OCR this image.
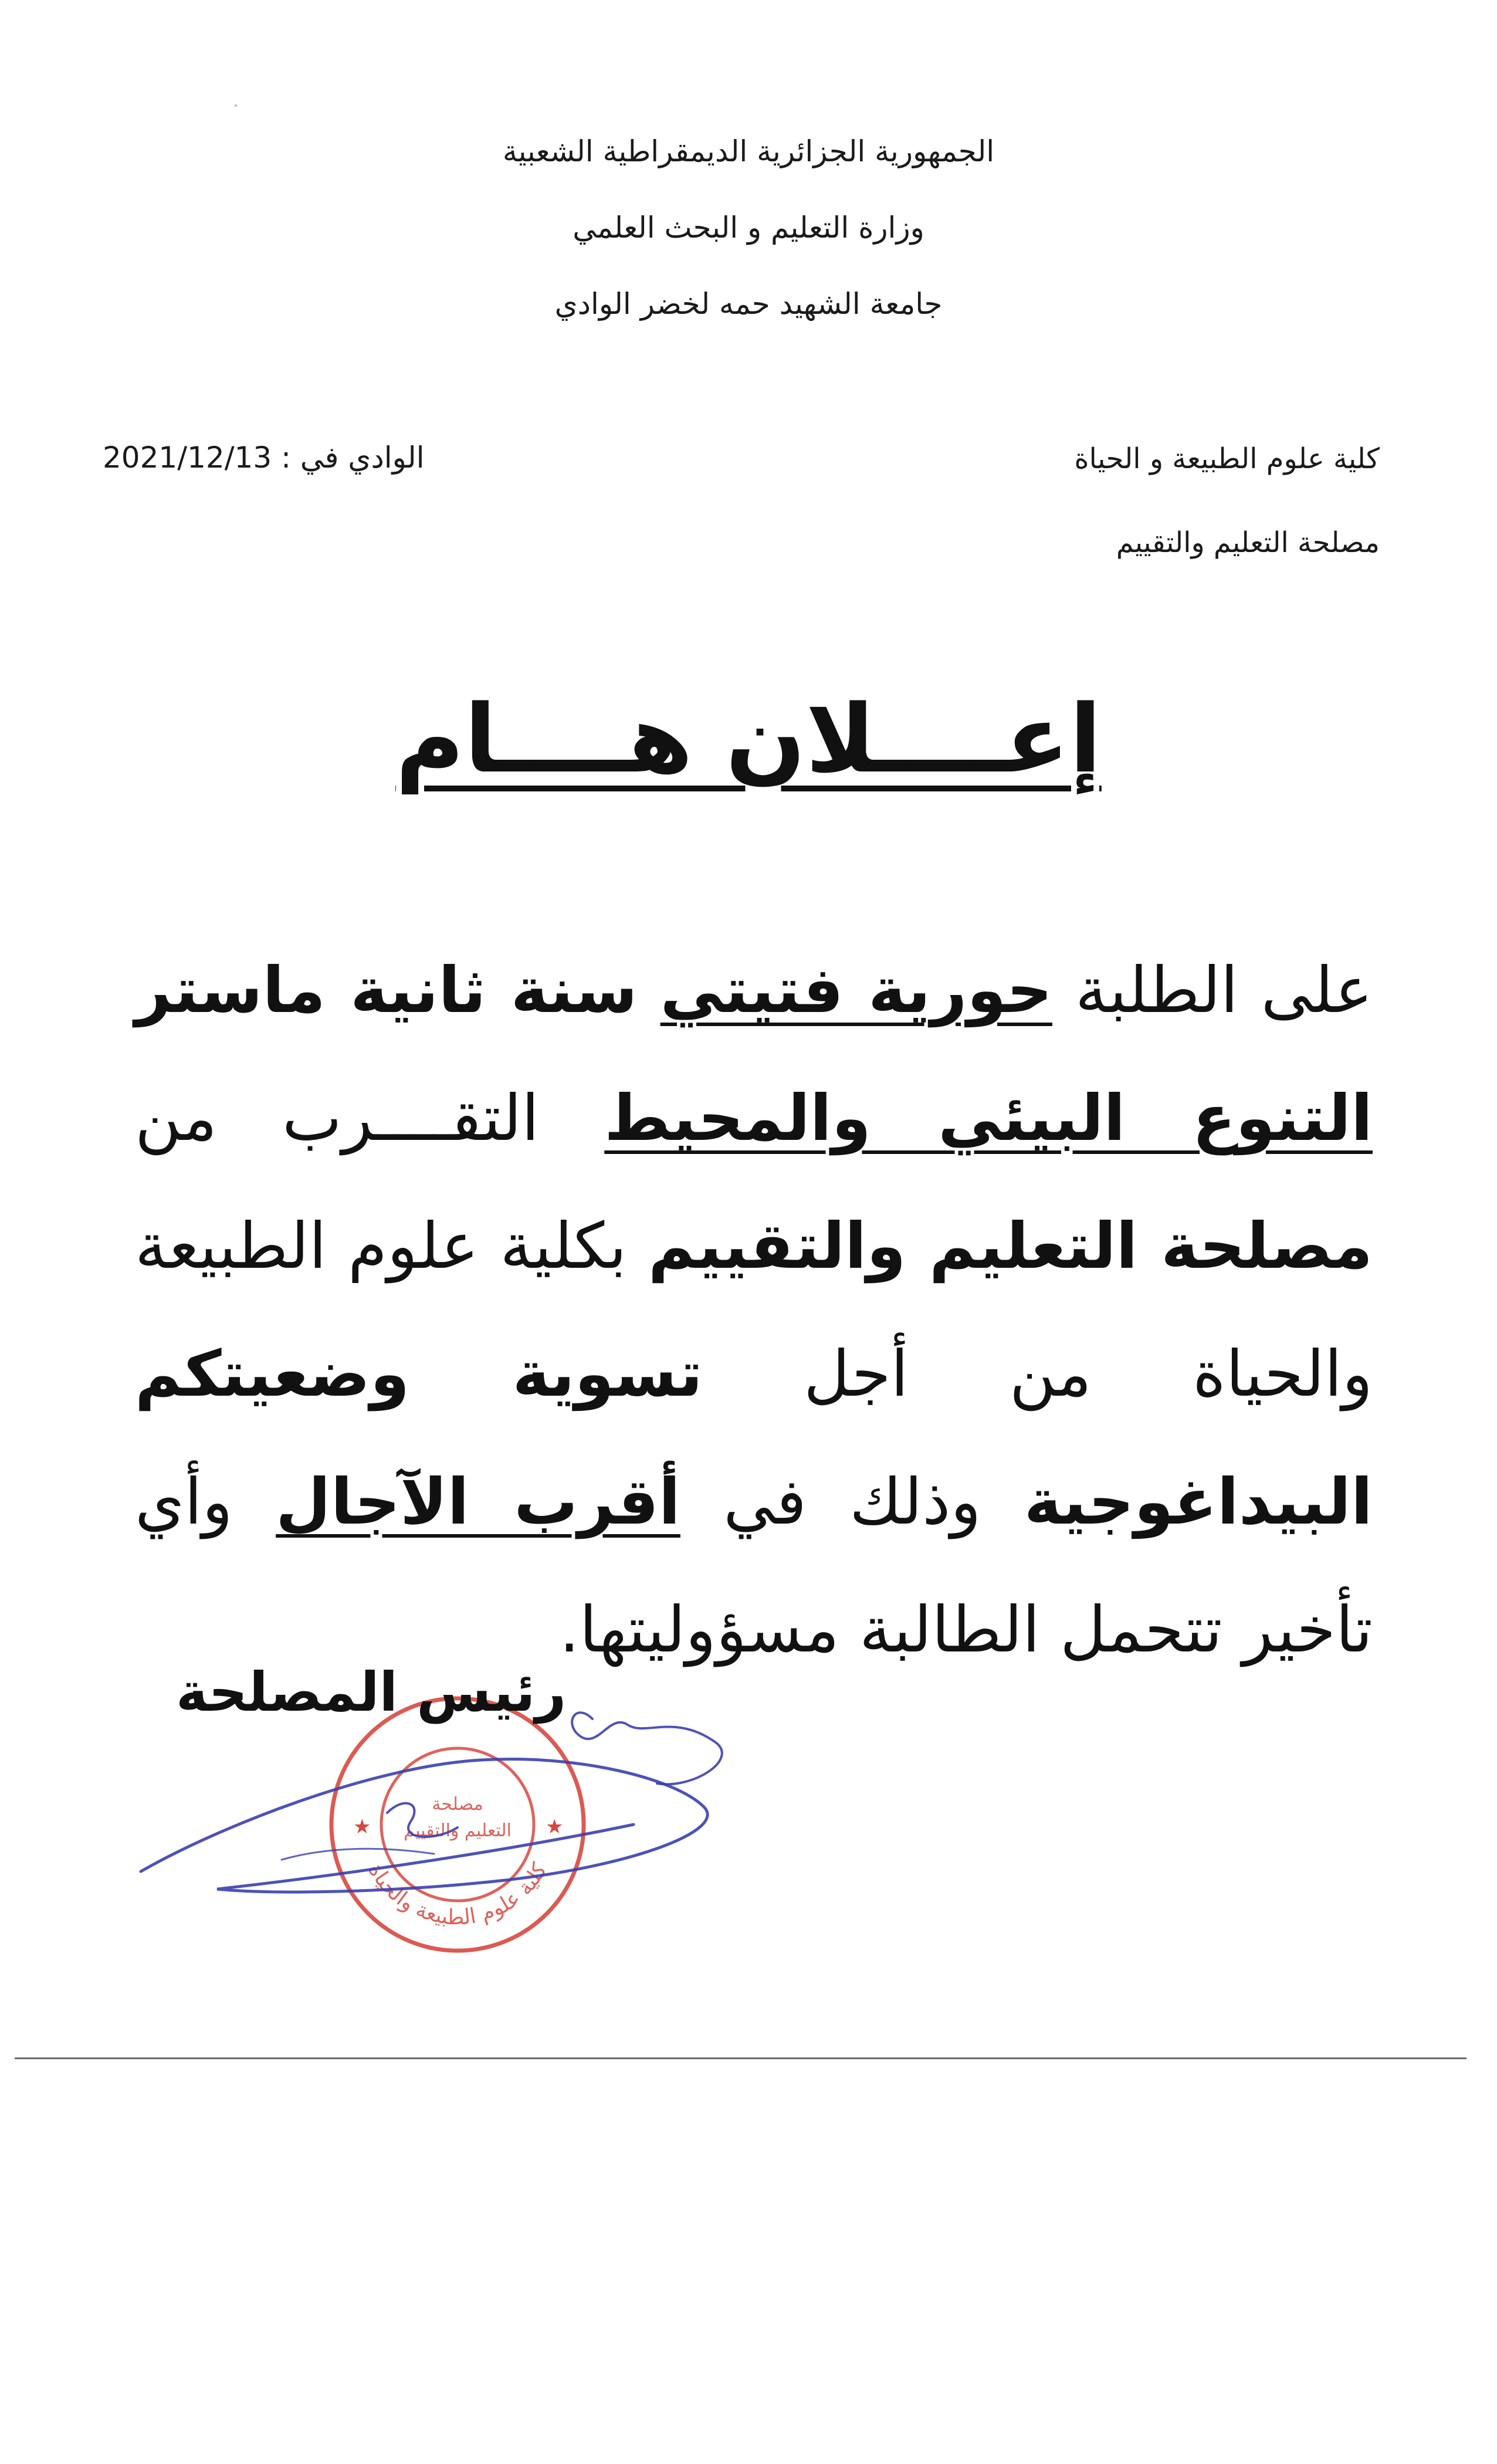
الجمهورية الجزائرية الديمقراطية الشعبية
وزارة التعليم و البحث العلمي
جامعة الشهيد حمه لخضر الوادي
كلية علوم الطبيعة و الحياة
مصلحة التعليم والتقييم
2021/12/13 الوادي في :
إعــــلان هــــام
على الطلبة حورية فتيتي سنة ثانية ماستر التنوع البيئي والمحيط التقــــرب من مصلحة التعليم والتقييم بكلية علوم الطبيعة والحياة من أجل تسوية وضعيتكم البيداغوجية وذلك في أقرب الآجال وأي تأخير تتحمل الطالبة مسؤوليتها.
كلية علوم الطبيعة والحياة
مصلحة
التعليم والتقييم
★	★
رئيس المصلحة
